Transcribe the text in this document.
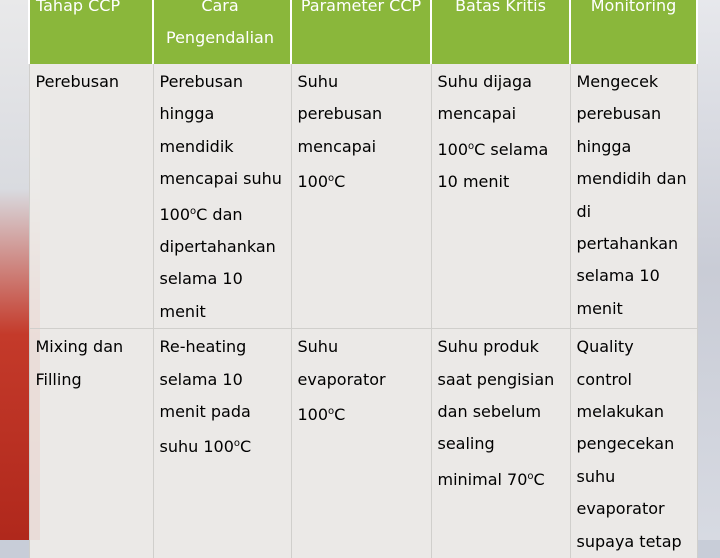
Tahap CCP	Cara Pengendalian	Parameter CCP	Batas Kritis	Monitoring

Perebusan	Perebusan hingga mendidik mencapai suhu 100$^o$C dan dipertahankan selama 10 menit	Suhu perebusan mencapai 100$^o$C	Suhu dijaga mencapai 100$^o$C selama 10 menit	Mengecek perebusan hingga mendidih dan di pertahankan selama 10 menit
Mixing dan Filling	Re-heating selama 10 menit pada suhu 100$^o$C	Suhu evaporator 100$^o$C	Suhu produk saat pengisian dan sebelum sealing minimal 70$^o$C	Quality control melakukan pengecekan suhu evaporator supaya tetap
